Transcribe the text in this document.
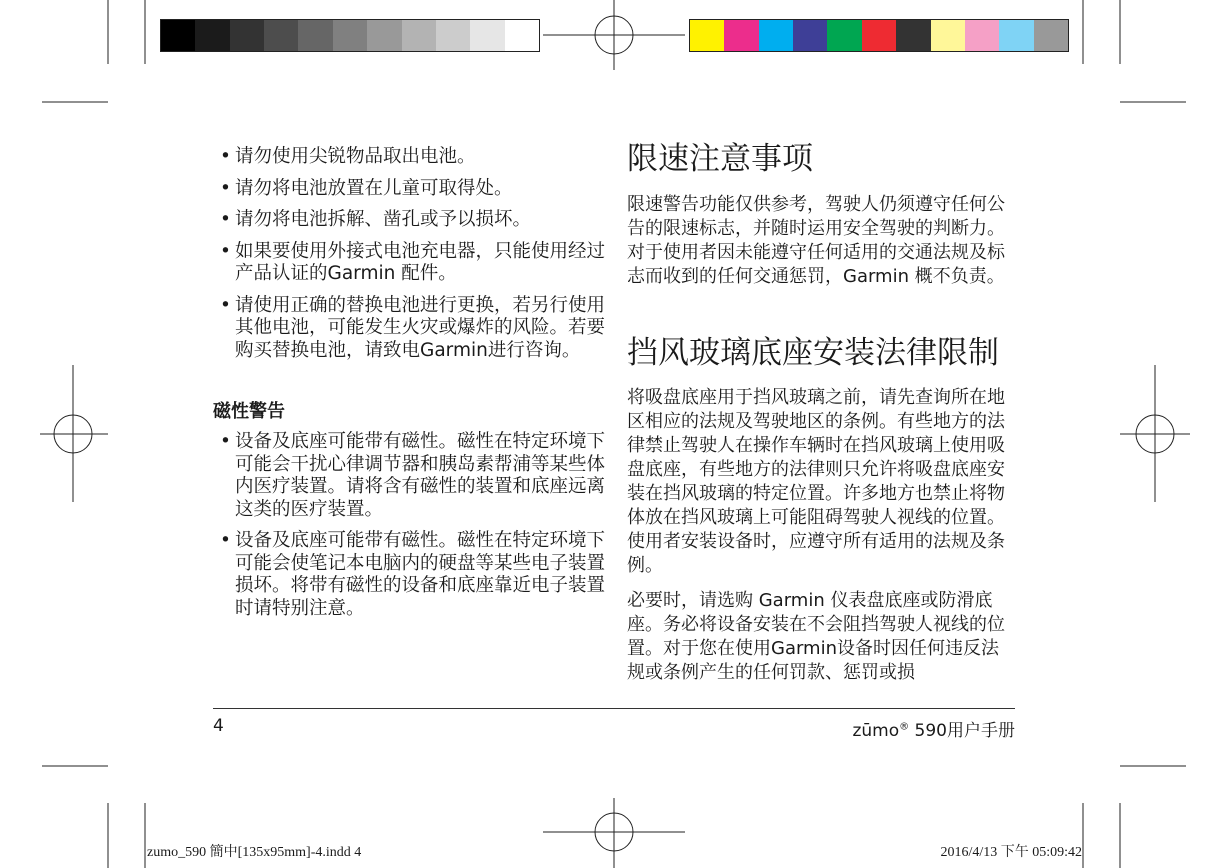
• 请勿使用尖锐物品取出电池。
• 请勿将电池放置在儿童可取得处。
• 请勿将电池拆解、凿孔或予以损坏。
• 如果要使用外接式电池充电器，只能使用经过产品认证的Garmin 配件。
• 请使用正确的替换电池进行更换，若另行使用其他电池，可能发生火灾或爆炸的风险。若要购买替换电池，请致电Garmin进行咨询。
磁性警告
• 设备及底座可能带有磁性。磁性在特定环境下可能会干扰心律调节器和胰岛素帮浦等某些体内医疗装置。请将含有磁性的装置和底座远离这类的医疗装置。
• 设备及底座可能带有磁性。磁性在特定环境下可能会使笔记本电脑内的硬盘等某些电子装置损坏。将带有磁性的设备和底座靠近电子装置时请特别注意。
限速注意事项

限速警告功能仅供参考，驾驶人仍须遵守任何公告的限速标志，并随时运用安全驾驶的判断力。对于使用者因未能遵守任何适用的交通法规及标志而收到的任何交通惩罚，Garmin 概不负责。

挡风玻璃底座安装法律限制

将吸盘底座用于挡风玻璃之前，请先查询所在地区相应的法规及驾驶地区的条例。有些地方的法律禁止驾驶人在操作车辆时在挡风玻璃上使用吸盘底座，有些地方的法律则只允许将吸盘底座安装在挡风玻璃的特定位置。许多地方也禁止将物体放在挡风玻璃上可能阻碍驾驶人视线的位置。使用者安装设备时，应遵守所有适用的法规及条例。

必要时，请选购 Garmin 仪表盘底座或防滑底座。务必将设备安装在不会阻挡驾驶人视线的位置。对于您在使用Garmin设备时因任何违反法规或条例产生的任何罚款、惩罚或损

4	zūmo® 590用户手册
zumo_590 簡中[135x95mm]-4.indd 4	2016/4/13 下午 05:09:42
